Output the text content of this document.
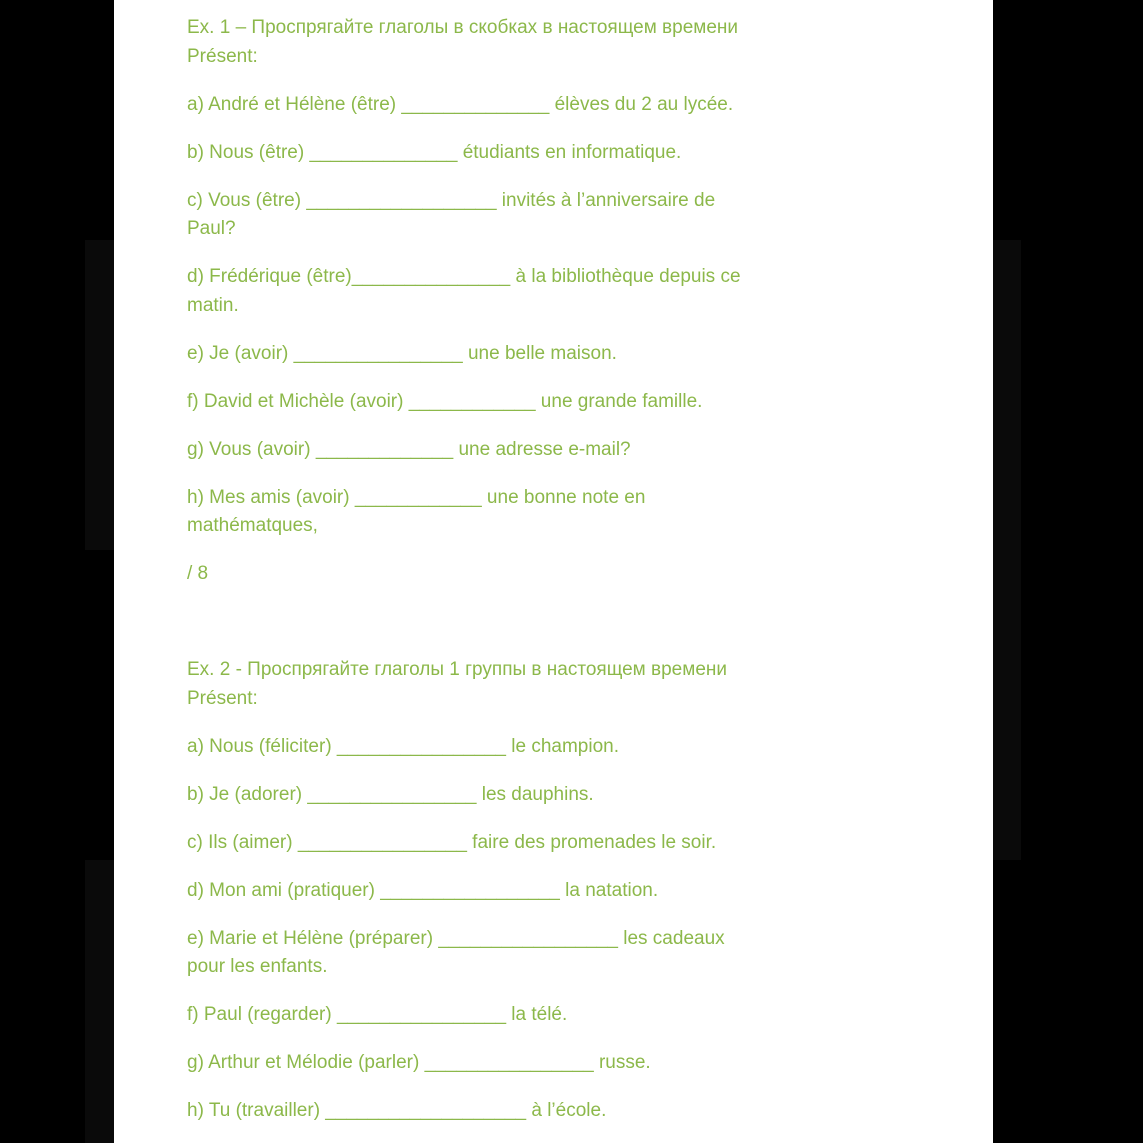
Ex. 1 – Проспрягайте глаголы в скобках в настоящем времени

Présent:

a) André et Hélène (être) ______________ élèves du 2 au lycée.

b) Nous (être) ______________ étudiants en informatique.

c) Vous (être) __________________ invités à l’anniversaire de

Paul?

d) Frédérique (être)_______________ à la bibliothèque depuis ce

matin.

e) Je (avoir) ________________ une belle maison.

f) David et Michèle (avoir) ____________ une grande famille.

g) Vous (avoir) _____________ une adresse e-mail?

h) Mes amis (avoir) ____________ une bonne note en

mathématques,

/ 8

Ex. 2 - Проспрягайте глаголы 1 группы в настоящем времени

Présent:

a) Nous (féliciter) ________________ le champion.

b) Je (adorer) ________________ les dauphins.

c) Ils (aimer) ________________ faire des promenades le soir.

d) Mon ami (pratiquer) _________________ la natation.

e) Marie et Hélène (préparer) _________________ les cadeaux

pour les enfants.

f) Paul (regarder) ________________ la télé.

g) Arthur et Mélodie (parler) ________________ russe.

h) Tu (travailler) ___________________ à l’école.
